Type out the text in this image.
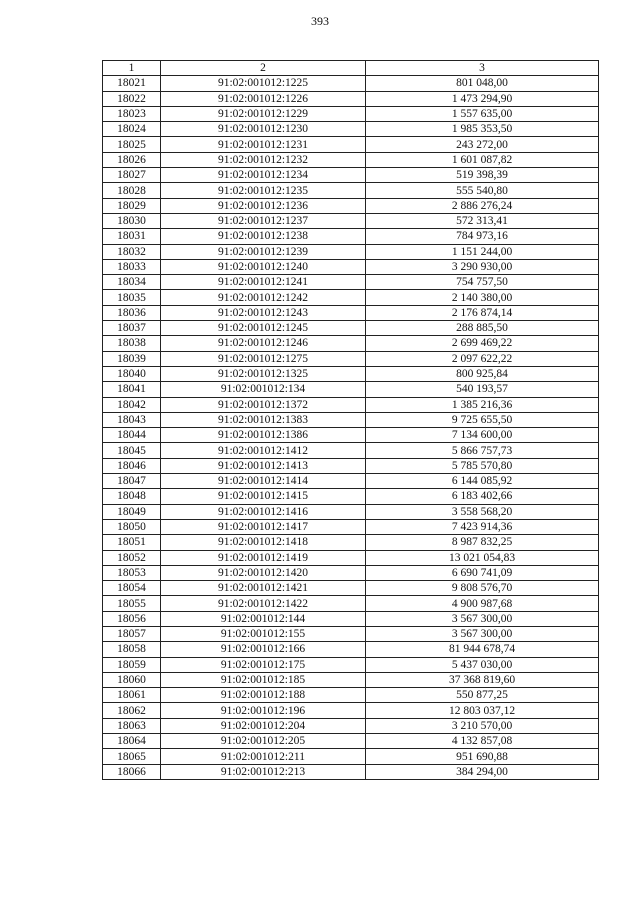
393
1	2	3
18021	91:02:001012:1225	801 048,00
18022	91:02:001012:1226	1 473 294,90
18023	91:02:001012:1229	1 557 635,00
18024	91:02:001012:1230	1 985 353,50
18025	91:02:001012:1231	243 272,00
18026	91:02:001012:1232	1 601 087,82
18027	91:02:001012:1234	519 398,39
18028	91:02:001012:1235	555 540,80
18029	91:02:001012:1236	2 886 276,24
18030	91:02:001012:1237	572 313,41
18031	91:02:001012:1238	784 973,16
18032	91:02:001012:1239	1 151 244,00
18033	91:02:001012:1240	3 290 930,00
18034	91:02:001012:1241	754 757,50
18035	91:02:001012:1242	2 140 380,00
18036	91:02:001012:1243	2 176 874,14
18037	91:02:001012:1245	288 885,50
18038	91:02:001012:1246	2 699 469,22
18039	91:02:001012:1275	2 097 622,22
18040	91:02:001012:1325	800 925,84
18041	91:02:001012:134	540 193,57
18042	91:02:001012:1372	1 385 216,36
18043	91:02:001012:1383	9 725 655,50
18044	91:02:001012:1386	7 134 600,00
18045	91:02:001012:1412	5 866 757,73
18046	91:02:001012:1413	5 785 570,80
18047	91:02:001012:1414	6 144 085,92
18048	91:02:001012:1415	6 183 402,66
18049	91:02:001012:1416	3 558 568,20
18050	91:02:001012:1417	7 423 914,36
18051	91:02:001012:1418	8 987 832,25
18052	91:02:001012:1419	13 021 054,83
18053	91:02:001012:1420	6 690 741,09
18054	91:02:001012:1421	9 808 576,70
18055	91:02:001012:1422	4 900 987,68
18056	91:02:001012:144	3 567 300,00
18057	91:02:001012:155	3 567 300,00
18058	91:02:001012:166	81 944 678,74
18059	91:02:001012:175	5 437 030,00
18060	91:02:001012:185	37 368 819,60
18061	91:02:001012:188	550 877,25
18062	91:02:001012:196	12 803 037,12
18063	91:02:001012:204	3 210 570,00
18064	91:02:001012:205	4 132 857,08
18065	91:02:001012:211	951 690,88
18066	91:02:001012:213	384 294,00
